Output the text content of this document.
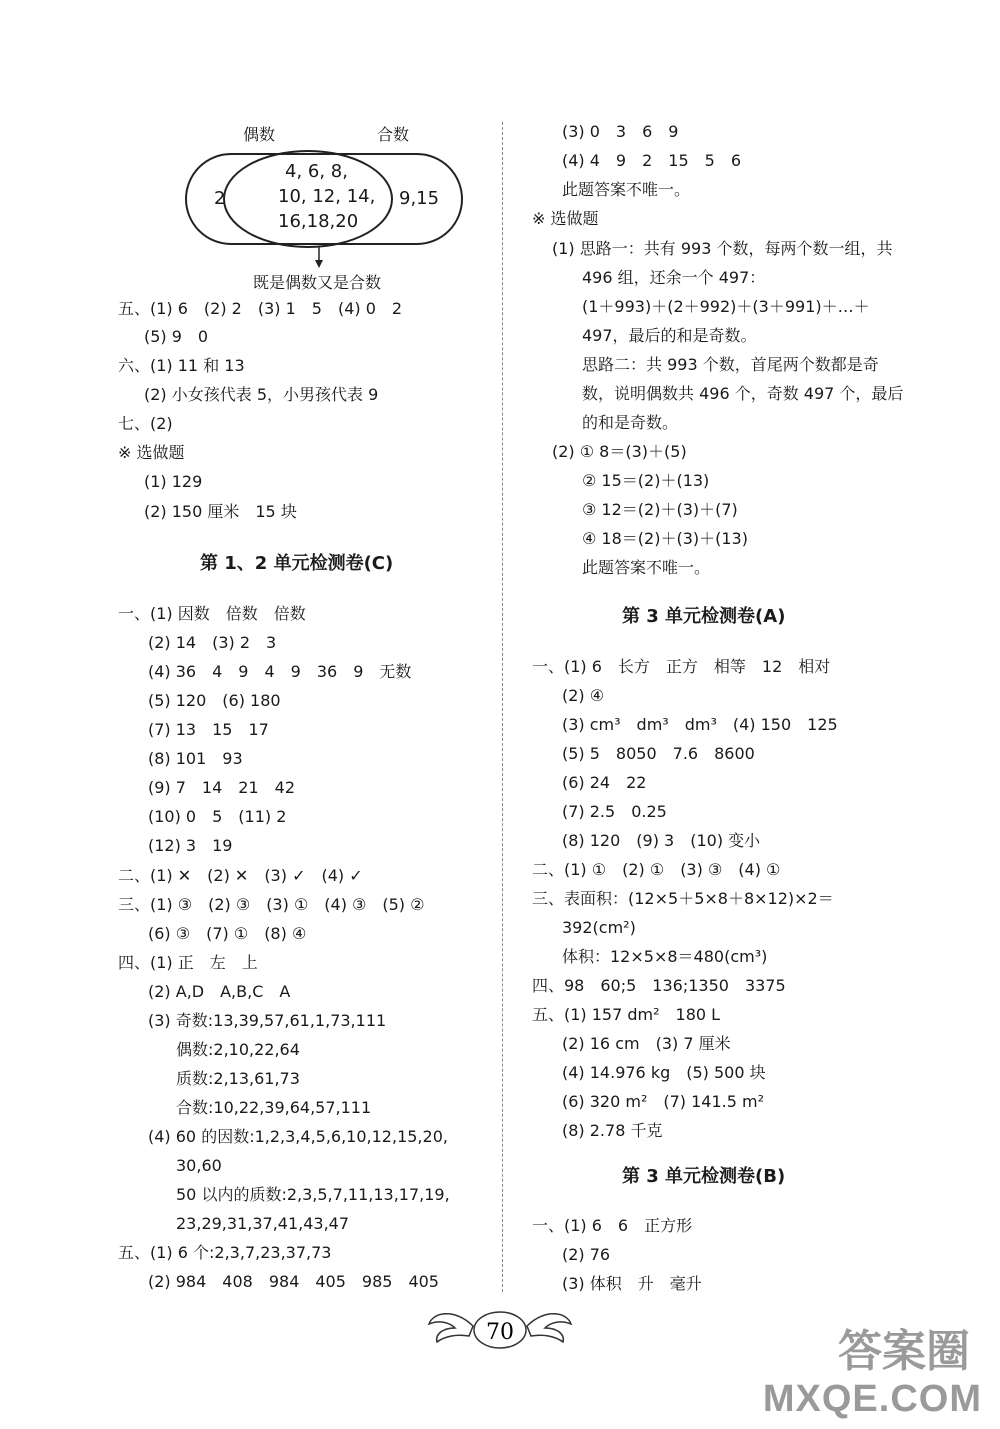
偶数	合数
2
4, 6, 8,
10, 12, 14,
16,18,20
9,15
既是偶数又是合数
五、(1) 6　(2) 2　(3) 1　5　(4) 0　2
(5) 9　0
六、(1) 11 和 13
(2) 小女孩代表 5，小男孩代表 9
七、(2)
※ 选做题
(1) 129
(2) 150 厘米　15 块
第 1、2 单元检测卷(C)
一、(1) 因数　倍数　倍数
(2) 14　(3) 2　3
(4) 36　4　9　4　9　36　9　无数
(5) 120　(6) 180
(7) 13　15　17
(8) 101　93
(9) 7　14　21　42
(10) 0　5　(11) 2
(12) 3　19
二、(1) ✕　(2) ✕　(3) ✓　(4) ✓
三、(1) ③　(2) ③　(3) ①　(4) ③　(5) ②
(6) ③　(7) ①　(8) ④
四、(1) 正　左　上
(2) A,D　A,B,C　A
(3) 奇数:13,39,57,61,1,73,111
偶数:2,10,22,64
质数:2,13,61,73
合数:10,22,39,64,57,111
(4) 60 的因数:1,2,3,4,5,6,10,12,15,20,
30,60
50 以内的质数:2,3,5,7,11,13,17,19,
23,29,31,37,41,43,47
五、(1) 6 个:2,3,7,23,37,73
(2) 984　408　984　405　985　405
(3) 0　3　6　9
(4) 4　9　2　15　5　6
此题答案不唯一。
※ 选做题
(1) 思路一：共有 993 个数，每两个数一组，共
496 组，还余一个 497：
(1＋993)＋(2＋992)＋(3＋991)＋…＋
497，最后的和是奇数。
思路二：共 993 个数，首尾两个数都是奇
数，说明偶数共 496 个，奇数 497 个，最后
的和是奇数。
(2) ① 8＝(3)＋(5)
② 15＝(2)＋(13)
③ 12＝(2)＋(3)＋(7)
④ 18＝(2)＋(3)＋(13)
此题答案不唯一。
第 3 单元检测卷(A)
一、(1) 6　长方　正方　相等　12　相对
(2) ④
(3) cm³　dm³　dm³　(4) 150　125
(5) 5　8050　7.6　8600
(6) 24　22
(7) 2.5　0.25
(8) 120　(9) 3　(10) 变小
二、(1) ①　(2) ①　(3) ③　(4) ①
三、表面积：(12×5＋5×8＋8×12)×2＝
392(cm²)
体积：12×5×8＝480(cm³)
四、98　60;5　136;1350　3375
五、(1) 157 dm²　180 L
(2) 16 cm　(3) 7 厘米
(4) 14.976 kg　(5) 500 块
(6) 320 m²　(7) 141.5 m²
(8) 2.78 千克
第 3 单元检测卷(B)
一、(1) 6　6　正方形
(2) 76
(3) 体积　升　毫升
70	答案圈
MXQE.COM
